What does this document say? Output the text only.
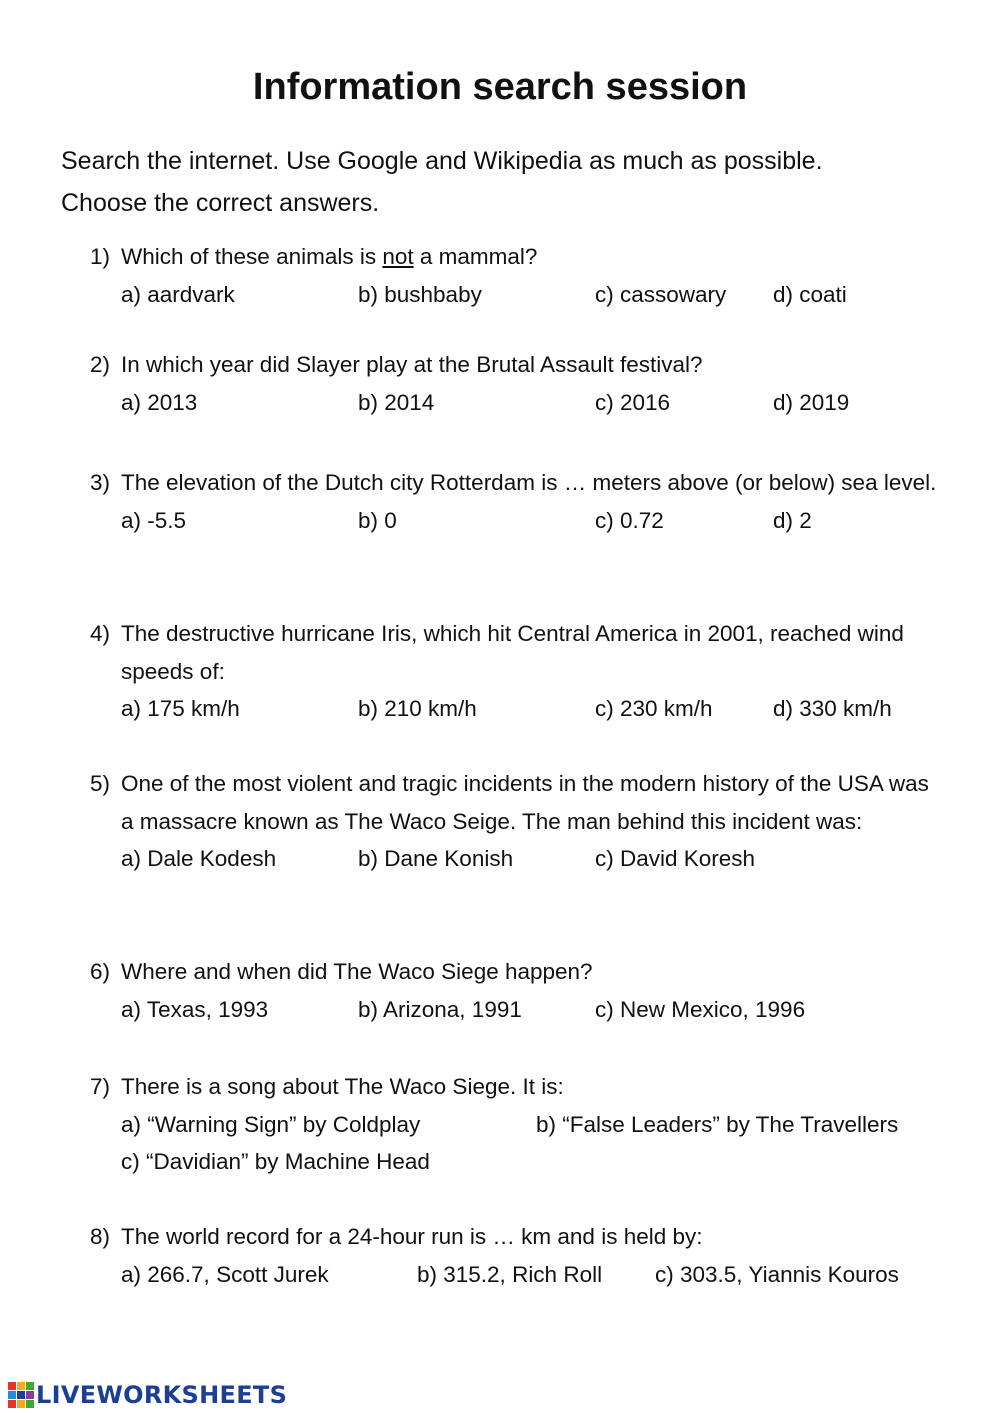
Information search session
Search the internet. Use Google and Wikipedia as much as possible.
Choose the correct answers.
1) Which of these animals is not a mammal?
a) aardvark	b) bushbaby	c) cassowary d) coati
2) In which year did Slayer play at the Brutal Assault festival?
a) 2013	b) 2014	c) 2016	d) 2019
3) The elevation of the Dutch city Rotterdam is … meters above (or below) sea level.
a) -5.5	b) 0	c) 0.72	d) 2
4) The destructive hurricane Iris, which hit Central America in 2001, reached wind speeds of:
a) 175 km/h	b) 210 km/h	c) 230 km/h	d) 330 km/h
5) One of the most violent and tragic incidents in the modern history of the USA was a massacre known as The Waco Seige. The man behind this incident was:
a) Dale Kodesh	b) Dane Konish	c) David Koresh
6) Where and when did The Waco Siege happen?
a) Texas, 1993	b) Arizona, 1991	c) New Mexico, 1996
7) There is a song about The Waco Siege. It is:
a) “Warning Sign” by Coldplay	b) “False Leaders” by The Travellers
c) “Davidian” by Machine Head
8) The world record for a 24-hour run is … km and is held by:
a) 266.7, Scott Jurek	b) 315.2, Rich Roll c) 303.5, Yiannis Kouros
LIVEWORKSHEETS
